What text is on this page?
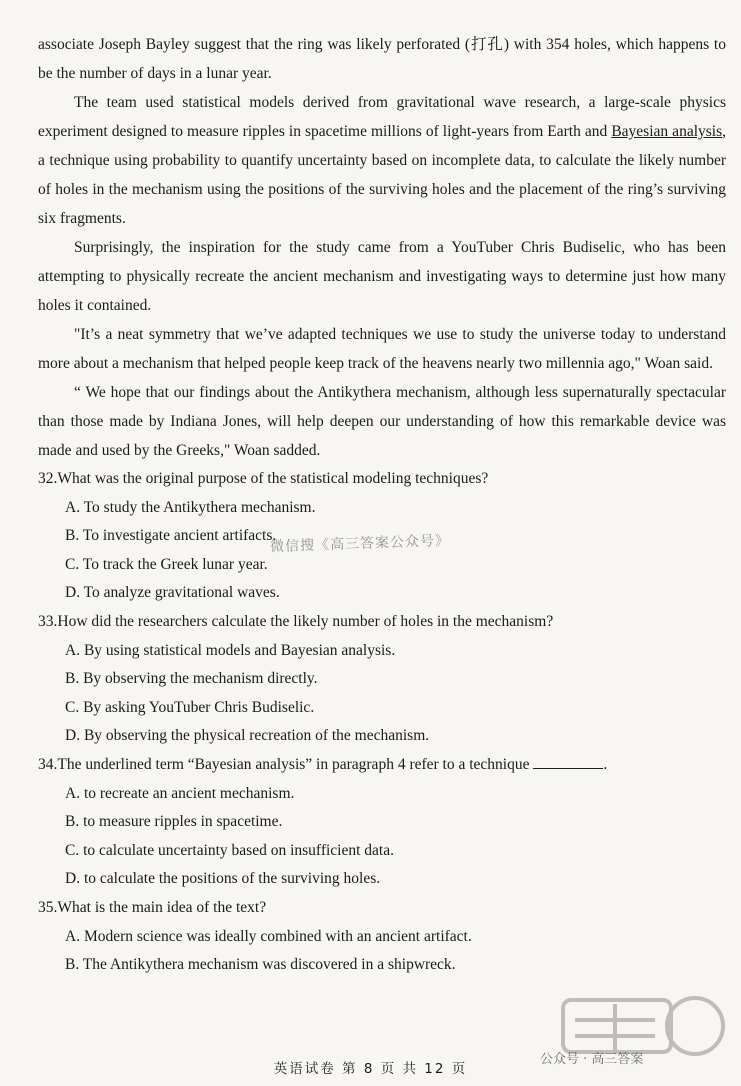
associate Joseph Bayley suggest that the ring was likely perforated (打孔) with 354 holes, which happens to be the number of days in a lunar year.

The team used statistical models derived from gravitational wave research, a large-scale physics experiment designed to measure ripples in spacetime millions of light-years from Earth and Bayesian analysis, a technique using probability to quantify uncertainty based on incomplete data, to calculate the likely number of holes in the mechanism using the positions of the surviving holes and the placement of the ring’s surviving six fragments.

Surprisingly, the inspiration for the study came from a YouTuber Chris Budiselic, who has been attempting to physically recreate the ancient mechanism and investigating ways to determine just how many holes it contained.

"It’s a neat symmetry that we’ve adapted techniques we use to study the universe today to understand more about a mechanism that helped people keep track of the heavens nearly two millennia ago," Woan said.

“ We hope that our findings about the Antikythera mechanism, although less supernaturally spectacular than those made by Indiana Jones, will help deepen our understanding of how this remarkable device was made and used by the Greeks," Woan sadded.

32.What was the original purpose of the statistical modeling techniques?

A. To study the Antikythera mechanism.

B. To investigate ancient artifacts.

C. To track the Greek lunar year.

D. To analyze gravitational waves.

33.How did the researchers calculate the likely number of holes in the mechanism?

A. By using statistical models and Bayesian analysis.

B. By observing the mechanism directly.

C. By asking YouTuber Chris Budiselic.

D. By observing the physical recreation of the mechanism.

34.The underlined term “Bayesian analysis” in paragraph 4 refer to a technique	.

A. to recreate an ancient mechanism.

B. to measure ripples in spacetime.

C. to calculate uncertainty based on insufficient data.

D. to calculate the positions of the surviving holes.

35.What is the main idea of the text?

A. Modern science was ideally combined with an ancient artifact.

B. The Antikythera mechanism was discovered in a shipwreck.

微信搜《高三答案公众号》
公众号 · 高三答案
英语试卷 第 8 页 共 12 页
